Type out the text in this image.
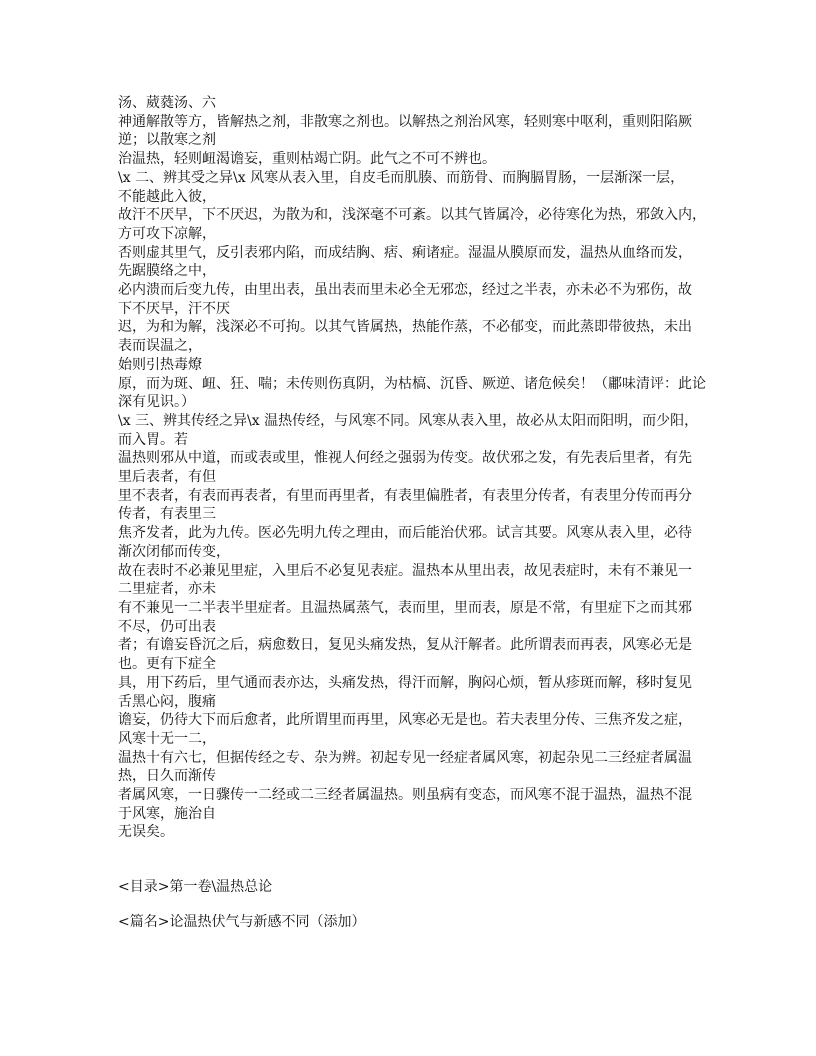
汤、葳蕤汤、六
神通解散等方，皆解热之剂，非散寒之剂也。以解热之剂治风寒，轻则寒中呕利，重则阳陷厥
逆；以散寒之剂
治温热，轻则衄渴谵妄，重则枯竭亡阴。此气之不可不辨也。
\x 二、辨其受之异\x 风寒从表入里，自皮毛而肌腠、而筋骨、而胸膈胃肠，一层渐深一层，
不能越此入彼，
故汗不厌早，下不厌迟，为散为和，浅深毫不可紊。以其气皆属冷，必待寒化为热，邪敛入内，
方可攻下凉解，
否则虚其里气，反引表邪内陷，而成结胸、痞、痢诸症。湿温从膜原而发，温热从血络而发，
先踞膜络之中，
必内溃而后变九传，由里出表，虽出表而里未必全无邪恋，经过之半表，亦未必不为邪伤，故
下不厌早，汗不厌
迟，为和为解，浅深必不可拘。以其气皆属热，热能作蒸，不必郁变，而此蒸即带彼热，未出
表而误温之，
始则引热毒燎
原，而为斑、衄、狂、喘；未传则伤真阴，为枯槁、沉昏、厥逆、诸危候矣！（鄘味清评：此论
深有见识。）
\x 三、辨其传经之异\x 温热传经，与风寒不同。风寒从表入里，故必从太阳而阳明，而少阳，
而入胃。若
温热则邪从中道，而或表或里，惟视人何经之强弱为传变。故伏邪之发，有先表后里者，有先
里后表者，有但
里不表者，有表而再表者，有里而再里者，有表里偏胜者，有表里分传者，有表里分传而再分
传者，有表里三
焦齐发者，此为九传。医必先明九传之理由，而后能治伏邪。试言其要。风寒从表入里，必待
渐次闭郁而传变，
故在表时不必兼见里症，入里后不必复见表症。温热本从里出表，故见表症时，未有不兼见一
二里症者，亦未
有不兼见一二半表半里症者。且温热属蒸气，表而里，里而表，原是不常，有里症下之而其邪
不尽，仍可出表
者；有谵妄昏沉之后，病愈数日，复见头痛发热，复从汗解者。此所谓表而再表，风寒必无是
也。更有下症全
具，用下药后，里气通而表亦达，头痛发热，得汗而解，胸闷心烦，暂从疹斑而解，移时复见
舌黑心闷，腹痛
谵妄，仍待大下而后愈者，此所谓里而再里，风寒必无是也。若夫表里分传、三焦齐发之症，
风寒十无一二，
温热十有六七，但据传经之专、杂为辨。初起专见一经症者属风寒，初起杂见二三经症者属温
热，日久而渐传
者属风寒，一日骤传一二经或二三经者属温热。则虽病有变态，而风寒不混于温热，温热不混
于风寒，施治自
无误矣。
<目录>第一卷\温热总论
<篇名>论温热伏气与新感不同（添加）
